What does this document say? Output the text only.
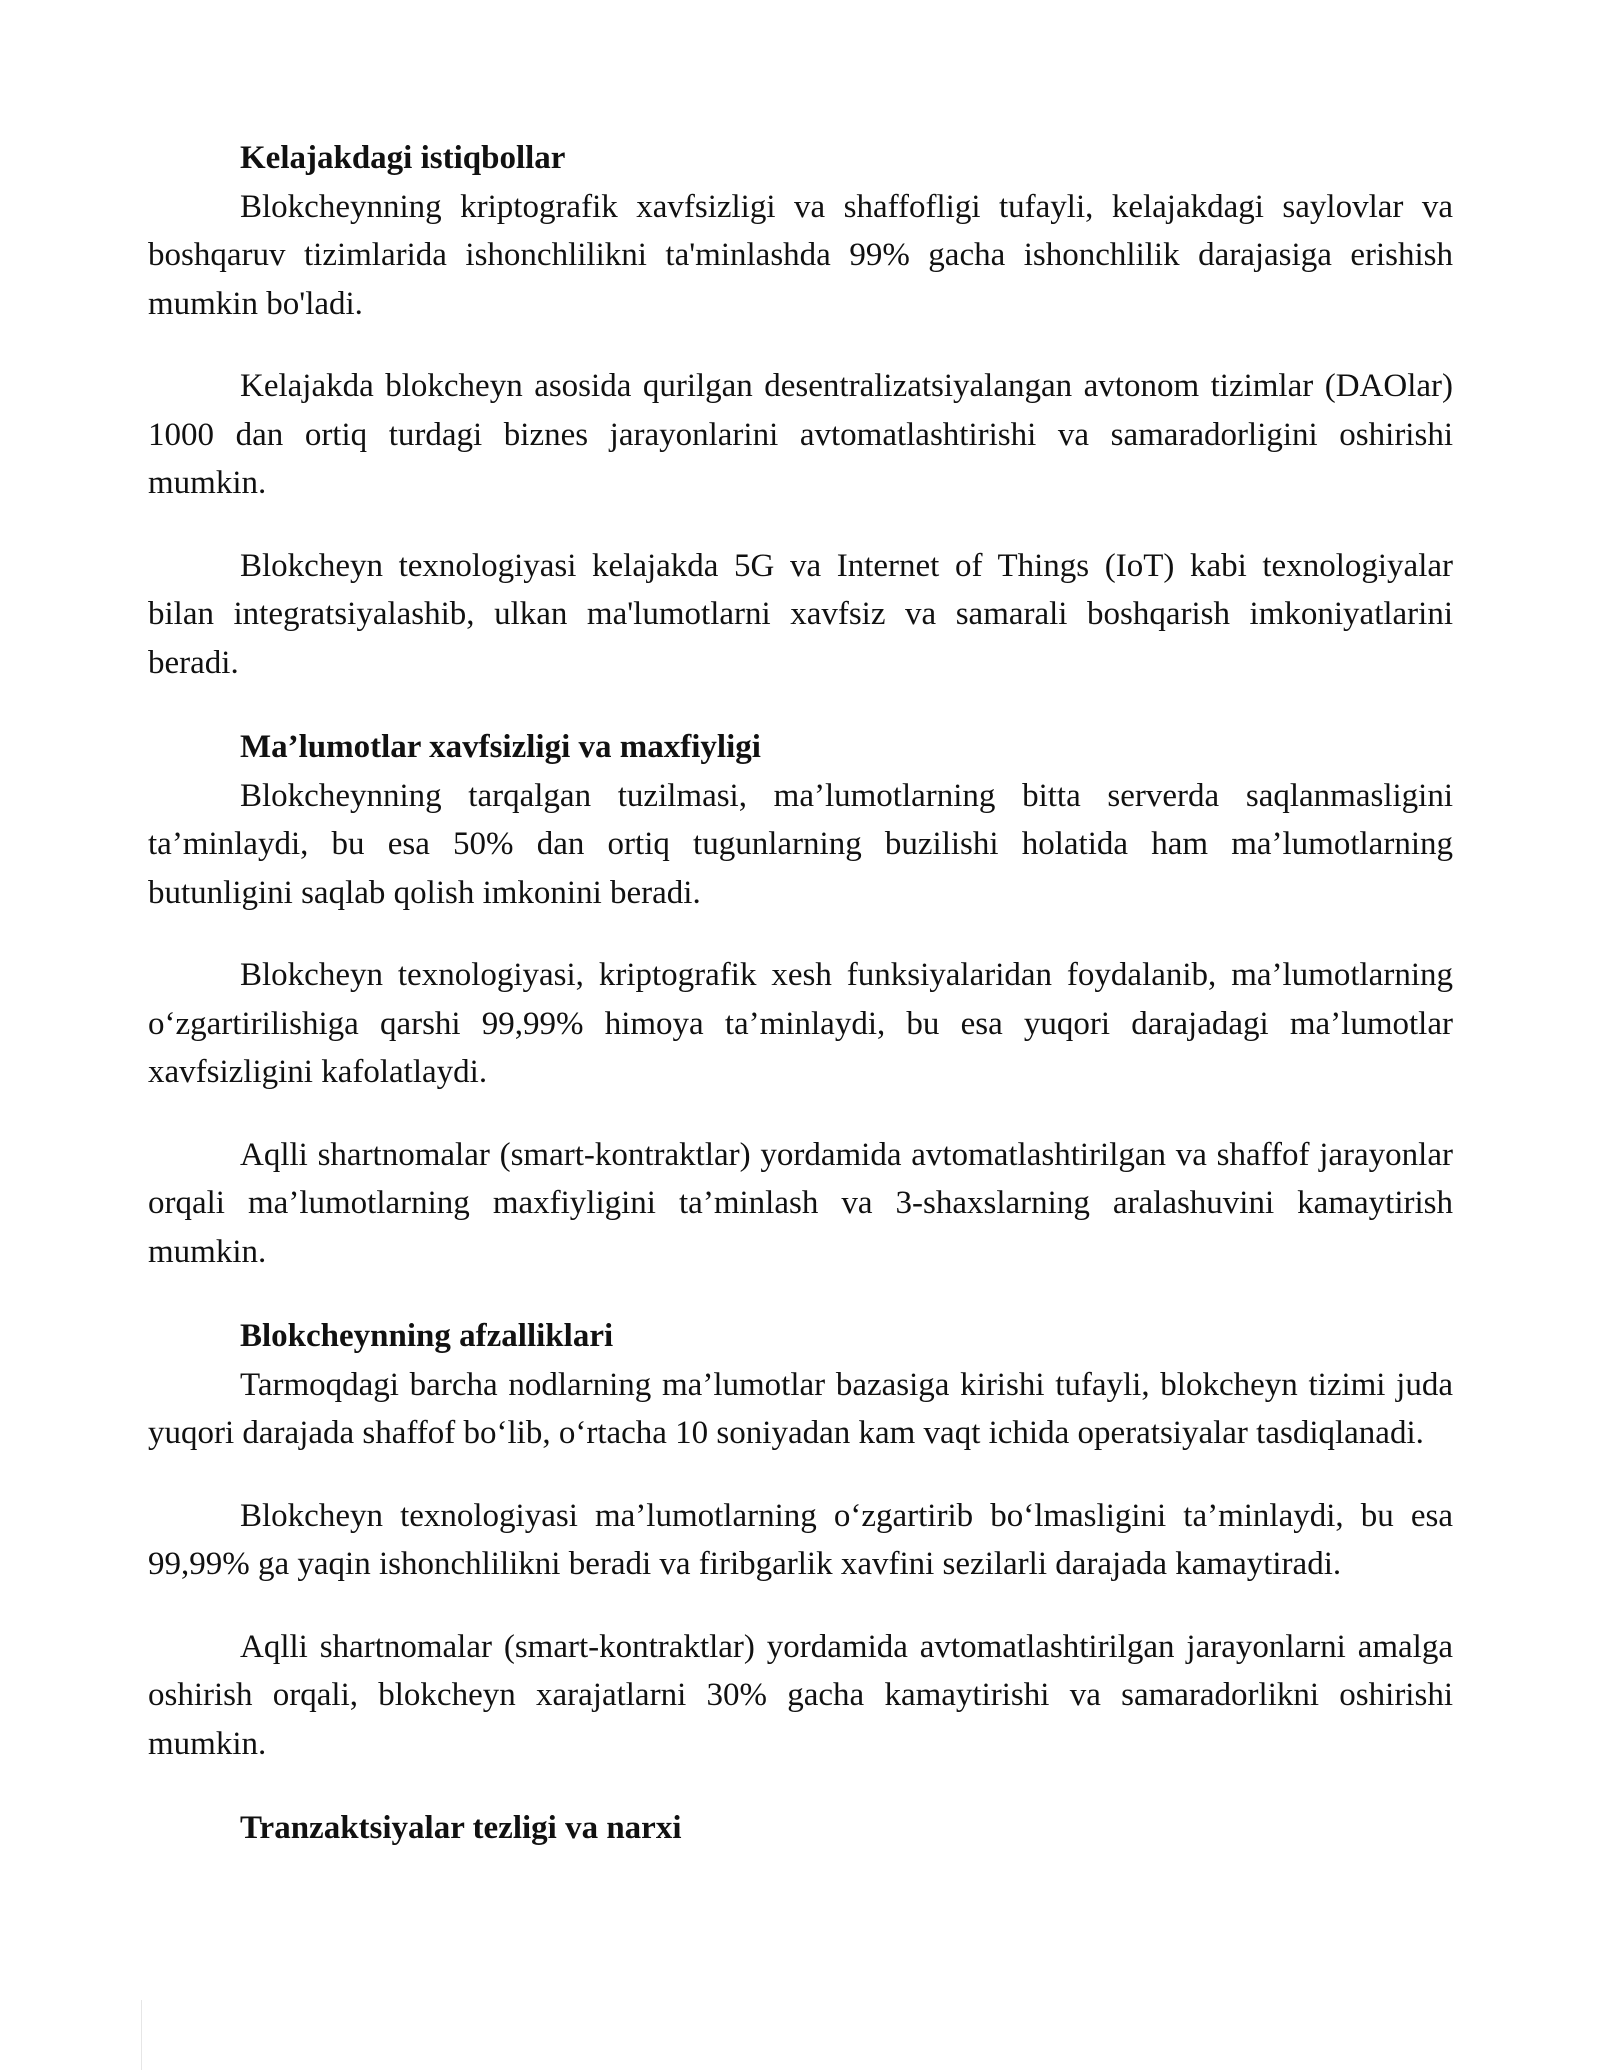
Kelajakdagi istiqbollar

Blokcheynning kriptografik xavfsizligi va shaffofligi tufayli, kelajakdagi saylovlar va boshqaruv tizimlarida ishonchlilikni ta'minlashda 99% gacha ishonchlilik darajasiga erishish mumkin bo'ladi.

Kelajakda blokcheyn asosida qurilgan desentralizatsiyalangan avtonom tizimlar (DAOlar) 1000 dan ortiq turdagi biznes jarayonlarini avtomatlashtirishi va samaradorligini oshirishi mumkin.

Blokcheyn texnologiyasi kelajakda 5G va Internet of Things (IoT) kabi texnologiyalar bilan integratsiyalashib, ulkan ma'lumotlarni xavfsiz va samarali boshqarish imkoniyatlarini beradi.

Ma’lumotlar xavfsizligi va maxfiyligi

Blokcheynning tarqalgan tuzilmasi, ma’lumotlarning bitta serverda saqlanmasligini ta’minlaydi, bu esa 50% dan ortiq tugunlarning buzilishi holatida ham ma’lumotlarning butunligini saqlab qolish imkonini beradi.

Blokcheyn texnologiyasi, kriptografik xesh funksiyalaridan foydalanib, ma’lumotlarning o‘zgartirilishiga qarshi 99,99% himoya ta’minlaydi, bu esa yuqori darajadagi ma’lumotlar xavfsizligini kafolatlaydi.

Aqlli shartnomalar (smart-kontraktlar) yordamida avtomatlashtirilgan va shaffof jarayonlar orqali ma’lumotlarning maxfiyligini ta’minlash va 3-shaxslarning aralashuvini kamaytirish mumkin.

Blokcheynning afzalliklari

Tarmoqdagi barcha nodlarning ma’lumotlar bazasiga kirishi tufayli, blokcheyn tizimi juda yuqori darajada shaffof bo‘lib, o‘rtacha 10 soniyadan kam vaqt ichida operatsiyalar tasdiqlanadi.

Blokcheyn texnologiyasi ma’lumotlarning o‘zgartirib bo‘lmasligini ta’minlaydi, bu esa 99,99% ga yaqin ishonchlilikni beradi va firibgarlik xavfini sezilarli darajada kamaytiradi.

Aqlli shartnomalar (smart-kontraktlar) yordamida avtomatlashtirilgan jarayonlarni amalga oshirish orqali, blokcheyn xarajatlarni 30% gacha kamaytirishi va samaradorlikni oshirishi mumkin.

Tranzaktsiyalar tezligi va narxi
